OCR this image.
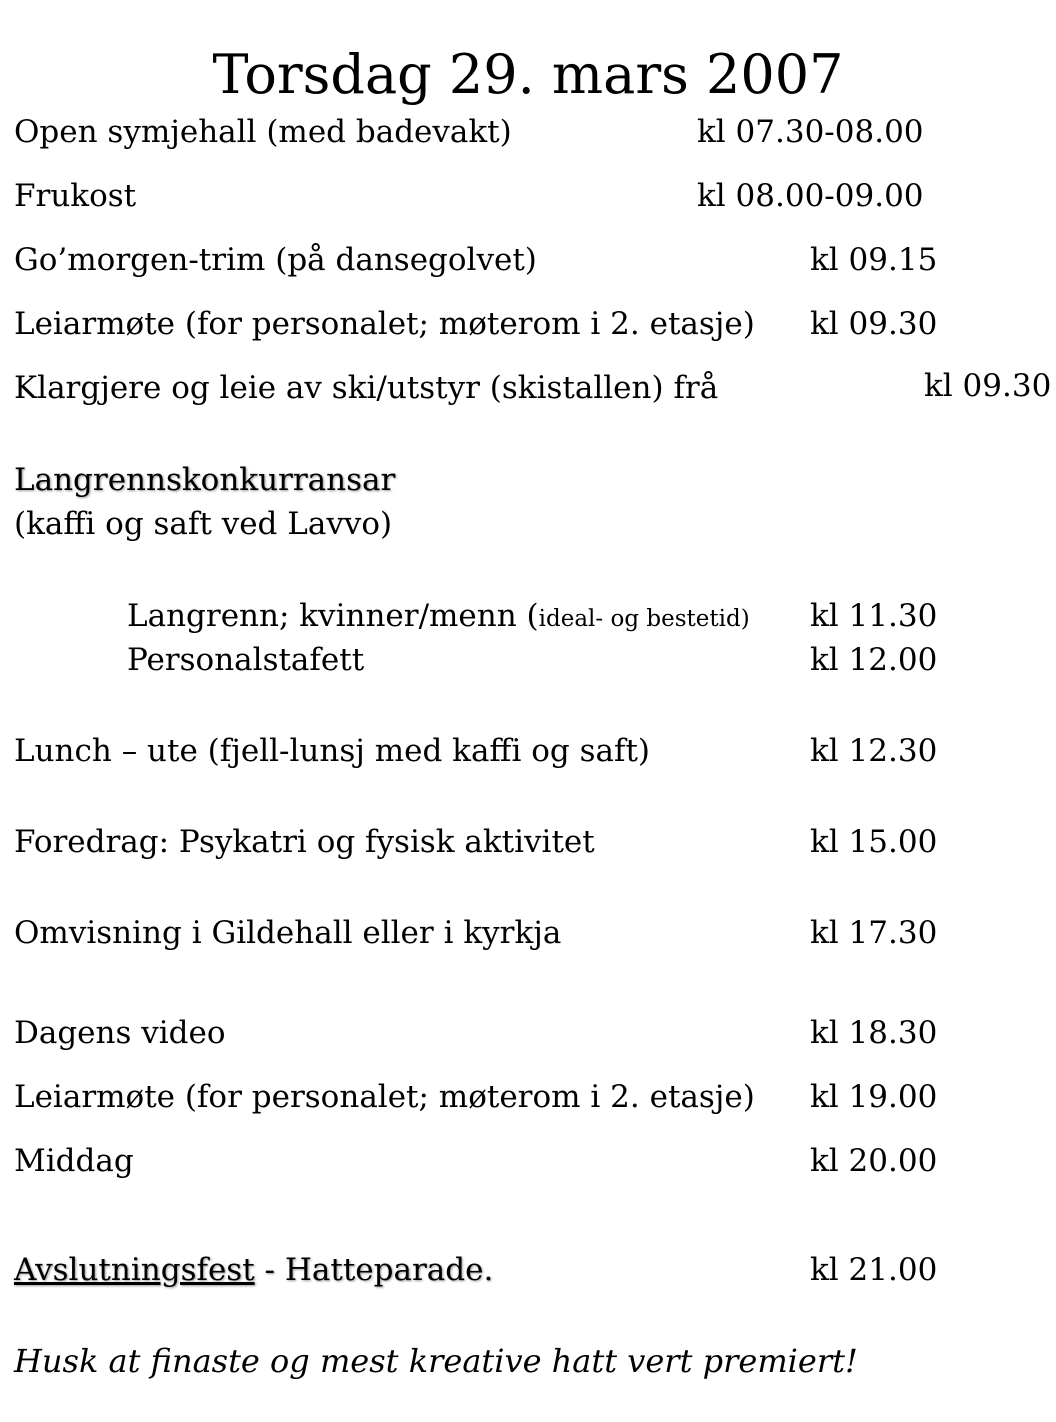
Torsdag 29. mars 2007
Open symjehall (med badevakt)	kl 07.30-08.00
Frukost	kl 08.00-09.00
Go’morgen-trim (på dansegolvet)	kl 09.15
Leiarmøte (for personalet; møterom i 2. etasje) kl 09.30
Klargjere og leie av ski/utstyr (skistallen) frå	kl 09.30
Langrennskonkurransar
(kaffi og saft ved Lavvo)
Langrenn; kvinner/menn (ideal- og bestetid) kl 11.30
Personalstafett	kl 12.00
Lunch – ute (fjell-lunsj med kaffi og saft)	kl 12.30
Foredrag: Psykatri og fysisk aktivitet	kl 15.00
Omvisning i Gildehall eller i kyrkja	kl 17.30
Dagens video	kl 18.30
Leiarmøte (for personalet; møterom i 2. etasje) kl 19.00
Middag	kl 20.00
Avslutningsfest - Hatteparade.	kl 21.00
Husk at finaste og mest kreative hatt vert premiert!
